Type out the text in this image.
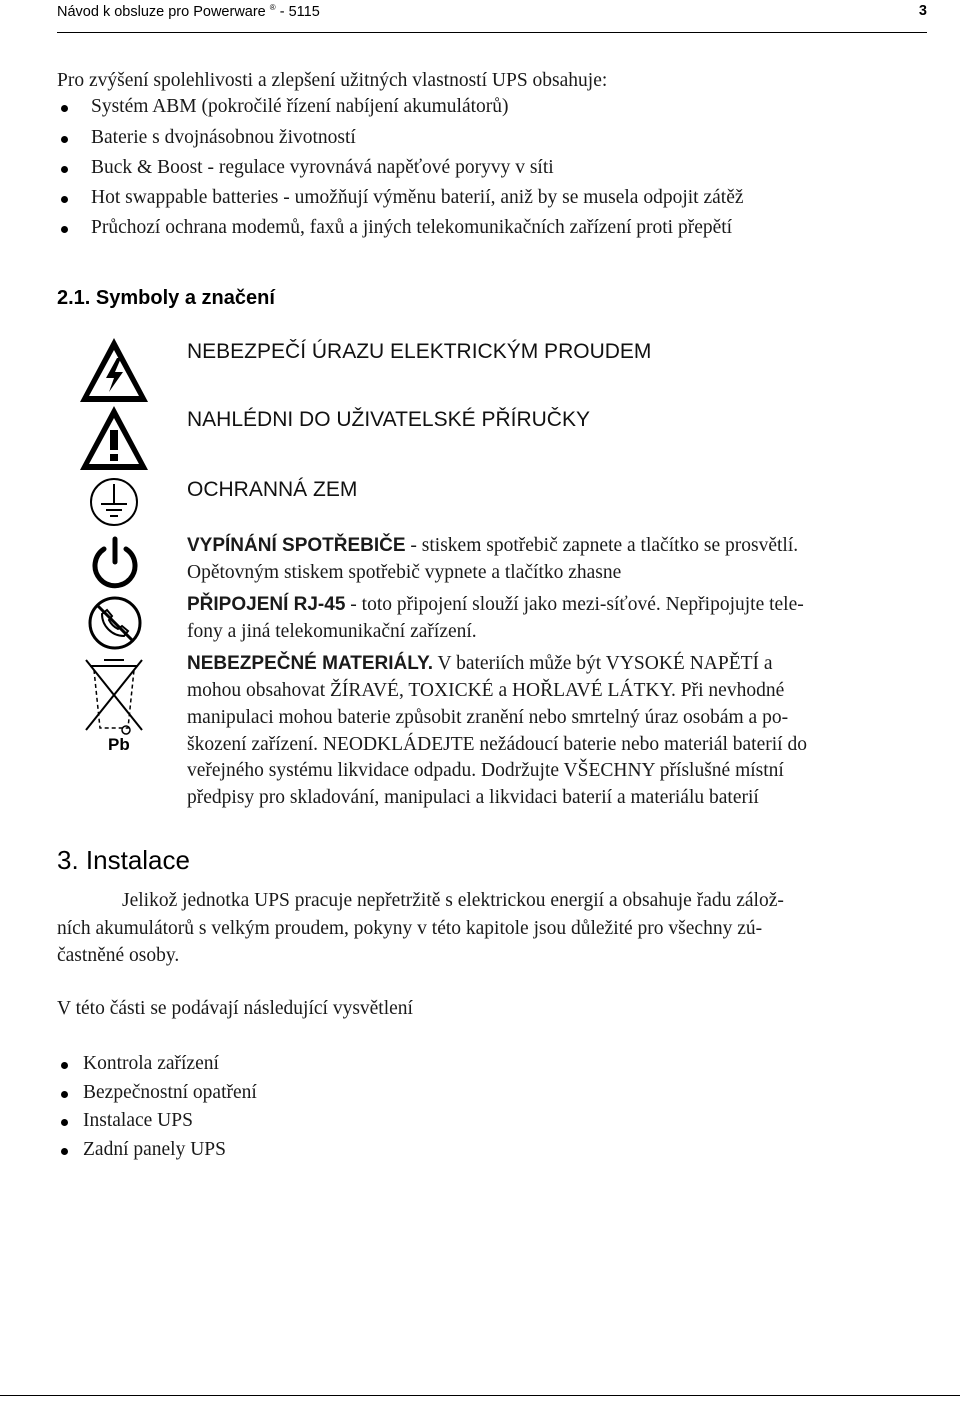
Návod k obsluze pro Powerware ® - 5115	3
Pro zvýšení spolehlivosti a zlepšení užitných vlastností UPS obsahuje:
Systém ABM (pokročilé řízení nabíjení akumulátorů)
Baterie s dvojnásobnou životností
Buck & Boost - regulace vyrovnává napěťové poryvy v síti
Hot swappable batteries - umožňují výměnu baterií, aniž by se musela odpojit zátěž
Průchozí ochrana modemů, faxů a jiných telekomunikačních zařízení proti přepětí
2.1. Symboly a značení
Pb
NEBEZPEČÍ ÚRAZU ELEKTRICKÝM PROUDEM
NAHLÉDNI DO UŽIVATELSKÉ PŘÍRUČKY
OCHRANNÁ ZEM
VYPÍNÁNÍ SPOTŘEBIČE - stiskem spotřebič zapnete a tlačítko se prosvětlí.
Opětovným stiskem spotřebič vypnete a tlačítko zhasne
PŘIPOJENÍ RJ-45 - toto připojení slouží jako mezi-síťové. Nepřipojujte tele-
fony a jiná telekomunikační zařízení.
NEBEZPEČNÉ MATERIÁLY. V bateriích může být VYSOKÉ NAPĚTÍ a
mohou obsahovat ŽÍRAVÉ, TOXICKÉ a HOŘLAVÉ LÁTKY. Při nevhodné
manipulaci mohou baterie způsobit zranění nebo smrtelný úraz osobám a po-
škození zařízení. NEODKLÁDEJTE nežádoucí baterie nebo materiál baterií do
veřejného systému likvidace odpadu. Dodržujte VŠECHNY příslušné místní
předpisy pro skladování, manipulaci a likvidaci baterií a materiálu baterií
3. Instalace
Jelikož jednotka UPS pracuje nepřetržitě s elektrickou energií a obsahuje řadu zálož-
ních akumulátorů s velkým proudem, pokyny v této kapitole jsou důležité pro všechny zú-
častněné osoby.
V této části se podávají následující vysvětlení
Kontrola zařízení
Bezpečnostní opatření
Instalace UPS
Zadní panely UPS
